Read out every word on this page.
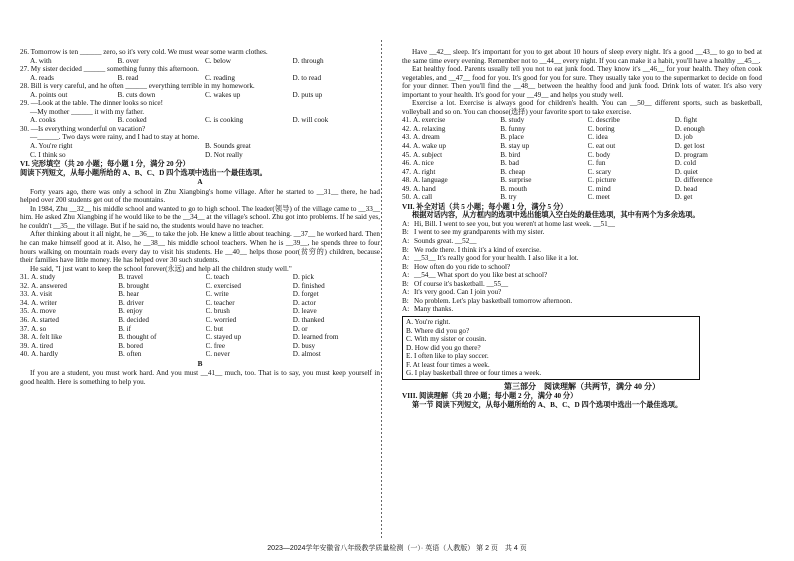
26. Tomorrow is ten ______ zero, so it's very cold. We must wear some warm clothes.

A. with	B. over	C. below	D. through

27. My sister decided ______ something funny this afternoon.

A. reads	B. read	C. reading	D. to read

28. Bill is very careful, and he often ______ everything terrible in my homework.

A. points out	B. cuts down	C. wakes up	D. puts up

29. —Look at the table. The dinner looks so nice!

—My mother ______ it with my father.

A. cooks	B. cooked	C. is cooking	D. will cook

30. —Is everything wonderful on vacation?

—______. Two days were rainy, and I had to stay at home.

A. You're right	B. Sounds great

C. I think so	D. Not really

VI. 完形填空（共 20 小题；每小题 1 分，满分 20 分）

阅读下列短文，从每小题所给的 A、B、C、D 四个选项中选出一个最佳选项。

A

Forty years ago, there was only a school in Zhu Xiangbing's home village. After he started to __31__ there, he had helped over 200 students get out of the mountains.

In 1984, Zhu __32__ his middle school and wanted to go to high school. The leader(领导) of the village came to __33__ him. He asked Zhu Xiangbing if he would like to be the __34__ at the village's school. Zhu got into problems. If he said yes, he couldn't __35__ the village. But if he said no, the students would have no teacher.

After thinking about it all night, he __36__ to take the job. He knew a little about teaching. __37__ he worked hard. Then he can make himself good at it. Also, he __38__ his middle school teachers. When he is __39__, he spends three to four hours walking on mountain roads every day to visit his students. He __40__ helps those poor(贫穷的) children, because their families have little money. He has helped over 30 such students.

He said, "I just want to keep the school forever(永远) and help all the children study well."

31. A. study	B. travel	C. teach	D. pick
32. A. answered	B. brought	C. exercised	D. finished
33. A. visit	B. hear	C. write	D. forget
34. A. writer	B. driver	C. teacher	D. actor
35. A. move	B. enjoy	C. brush	D. leave
36. A. started	B. decided	C. worried	D. thanked
37. A. so	B. if	C. but	D. or
38. A. felt like	B. thought of	C. stayed up	D. learned from
39. A. tired	B. bored	C. free	D. busy
40. A. hardly	B. often	C. never	D. almost

B

If you are a student, you must work hard. And you must __41__ much, too. That is to say, you must keep yourself in good health. Here is something to help you.

Have __42__ sleep. It's important for you to get about 10 hours of sleep every night. It's a good __43__ to go to bed at the same time every evening. Remember not to __44__ every night. If you can make it a habit, you'll have a healthy __45__.

Eat healthy food. Parents usually tell you not to eat junk food. They know it's __46__ for your health. They often cook vegetables, and __47__ food for you. It's good for you for sure. They usually take you to the supermarket to decide on food for your dinner. Then you'll find the __48__ between the healthy food and junk food. Drink lots of water. It's also very important to your health. It's good for your __49__ and helps you study well.

Exercise a lot. Exercise is always good for children's health. You can __50__ different sports, such as basketball, volleyball and so on. You can choose(选择) your favorite sport to take exercise.

41. A. exercise	B. study	C. describe	D. fight
42. A. relaxing	B. funny	C. boring	D. enough
43. A. dream	B. place	C. idea	D. job
44. A. wake up	B. stay up	C. eat out	D. get lost
45. A. subject	B. bird	C. body	D. program
46. A. nice	B. bad	C. fun	D. cold
47. A. right	B. cheap	C. scary	D. quiet
48. A. language	B. surprise	C. picture	D. difference
49. A. hand	B. mouth	C. mind	D. head
50. A. call	B. try	C. meet	D. get

VII. 补全对话（共 5 小题；每小题 1 分，满分 5 分）

根据对话内容，从方框内的选项中选出能填入空白处的最佳选项，其中有两个为多余选项。

A: Hi, Bill. I went to see you, but you weren't at home last week. __51__
B: I went to see my grandparents with my sister.
A: Sounds great. __52__
B: We rode there. I think it's a kind of exercise.
A: __53__ It's really good for your health. I also like it a lot.
B: How often do you ride to school?
A: __54__ What sport do you like best at school?
B: Of course it's basketball. __55__
A: It's very good. Can I join you?
B: No problem. Let's play basketball tomorrow afternoon.
A: Many thanks.
A. You're right.
B. Where did you go?
C. With my sister or cousin.
D. How did you go there?
E. I often like to play soccer.
F. At least four times a week.
G. I play basketball three or four times a week.

第三部分　阅读理解（共两节，满分 40 分）

VIII. 阅读理解（共 20 小题；每小题 2 分，满分 40 分）

第一节 阅读下列短文，从每小题所给的 A、B、C、D 四个选项中选出一个最佳选项。

2023—2024学年安徽省八年级教学质量检测（一）· 英语（人教版） 第 2 页　共 4 页
